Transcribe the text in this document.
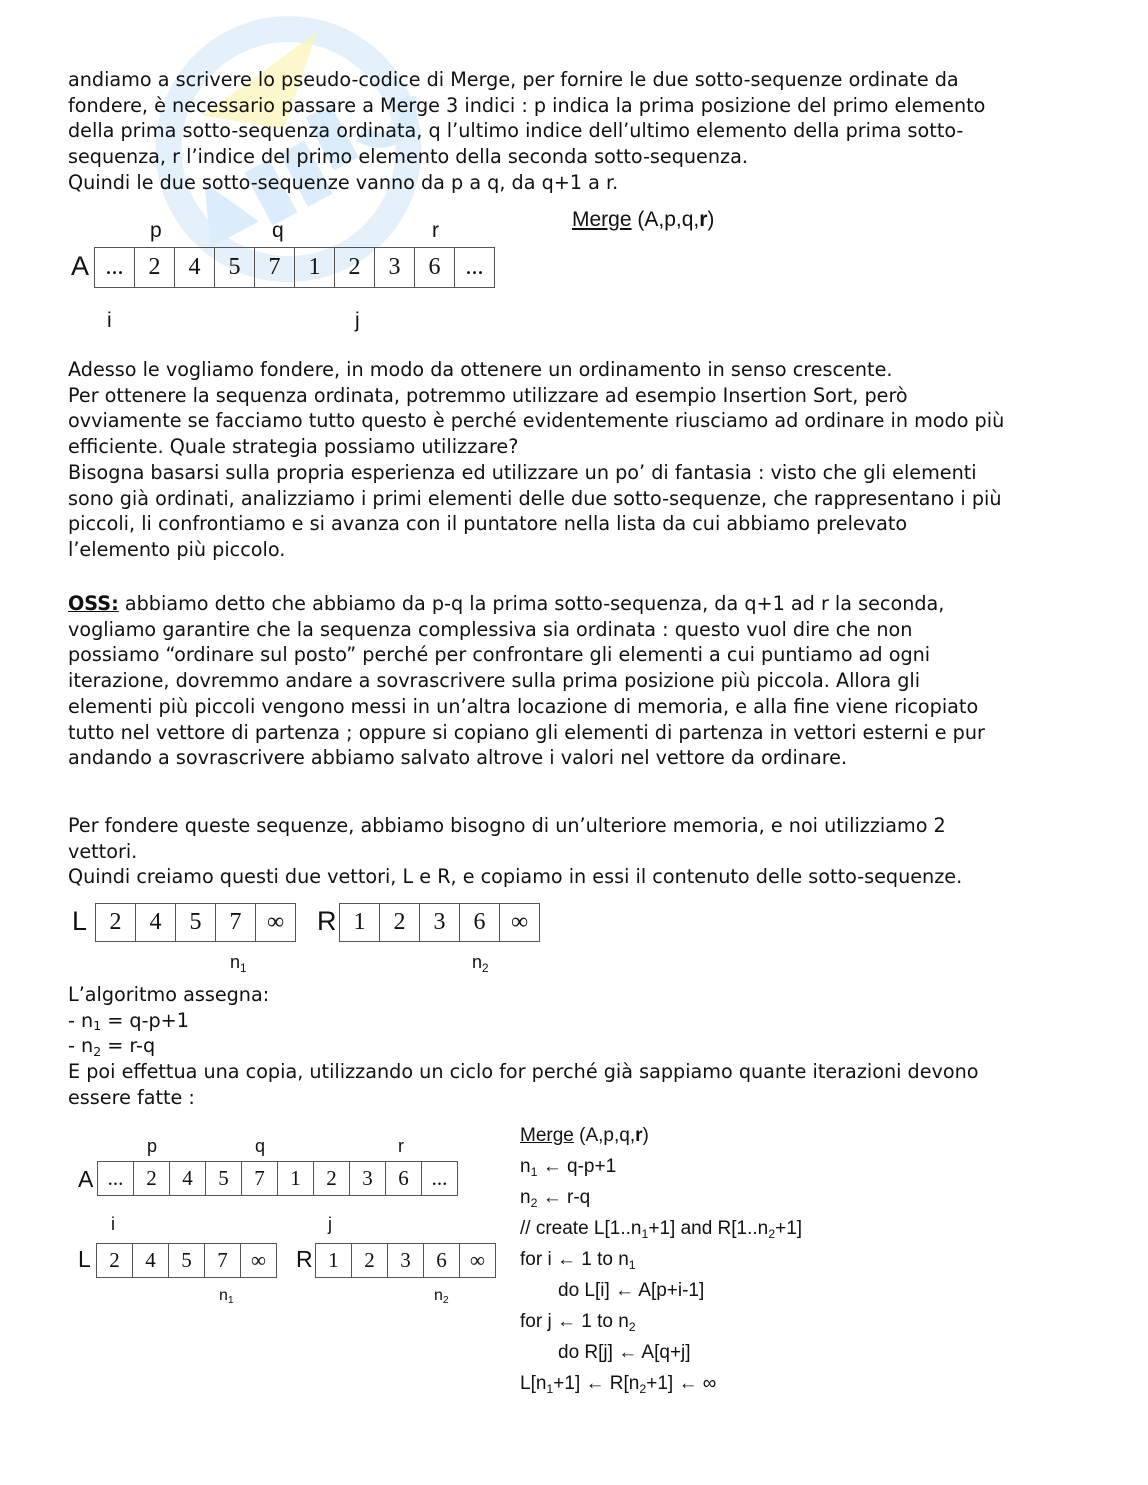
andiamo a scrivere lo pseudo-codice di Merge, per fornire le due sotto-sequenze ordinate da
fondere, è necessario passare a Merge 3 indici : p indica la prima posizione del primo elemento
della prima sotto-sequenza ordinata, q l’ultimo indice dell’ultimo elemento della prima sotto-
sequenza, r l’indice del primo elemento della seconda sotto-sequenza.
Quindi le due sotto-sequenze vanno da p a q, da q+1 a r.
p	q	r
A ...	2	4	5	7	1	2	3	6	...
i	j
Merge (A,p,q,r)
Adesso le vogliamo fondere, in modo da ottenere un ordinamento in senso crescente.
Per ottenere la sequenza ordinata, potremmo utilizzare ad esempio Insertion Sort, però
ovviamente se facciamo tutto questo è perché evidentemente riusciamo ad ordinare in modo più
efficiente. Quale strategia possiamo utilizzare?
Bisogna basarsi sulla propria esperienza ed utilizzare un po’ di fantasia : visto che gli elementi
sono già ordinati, analizziamo i primi elementi delle due sotto-sequenze, che rappresentano i più
piccoli, li confrontiamo e si avanza con il puntatore nella lista da cui abbiamo prelevato
l’elemento più piccolo.
OSS: abbiamo detto che abbiamo da p-q la prima sotto-sequenza, da q+1 ad r la seconda,
vogliamo garantire che la sequenza complessiva sia ordinata : questo vuol dire che non
possiamo “ordinare sul posto” perché per confrontare gli elementi a cui puntiamo ad ogni
iterazione, dovremmo andare a sovrascrivere sulla prima posizione più piccola. Allora gli
elementi più piccoli vengono messi in un’altra locazione di memoria, e alla fine viene ricopiato
tutto nel vettore di partenza ; oppure si copiano gli elementi di partenza in vettori esterni e pur
andando a sovrascrivere abbiamo salvato altrove i valori nel vettore da ordinare.
Per fondere queste sequenze, abbiamo bisogno di un’ulteriore memoria, e noi utilizziamo 2
vettori.
Quindi creiamo questi due vettori, L e R, e copiamo in essi il contenuto delle sotto-sequenze.
L 2	4	5	7	∞	R 1	2	3	6	∞
$n_1$	$n_2$
L’algoritmo assegna:
- $n_1 = q-p+1$
- $n_2 = r-q$
E poi effettua una copia, utilizzando un ciclo for perché già sappiamo quante iterazioni devono
essere fatte :
p	q	r
A ...	2	4	5	7	1	2	3	6	...
i	j
L 2	4	5	7	∞	R 1	2	3	6	∞
$n_1$	$n_2$
Merge (A,p,q,r)
$n_1$ ← q-p+1
$n_2$ ← r-q
// create $L[1..n_1+1]$ and $R[1..n_2+1]$
for i ← 1 to $n_1$
do L[i] ← A[p+i-1]
for j ← 1 to $n_2$
do R[j] ← A[q+j]
$L[n_1+1]$ ← $R[n_2+1]$ ← ∞
